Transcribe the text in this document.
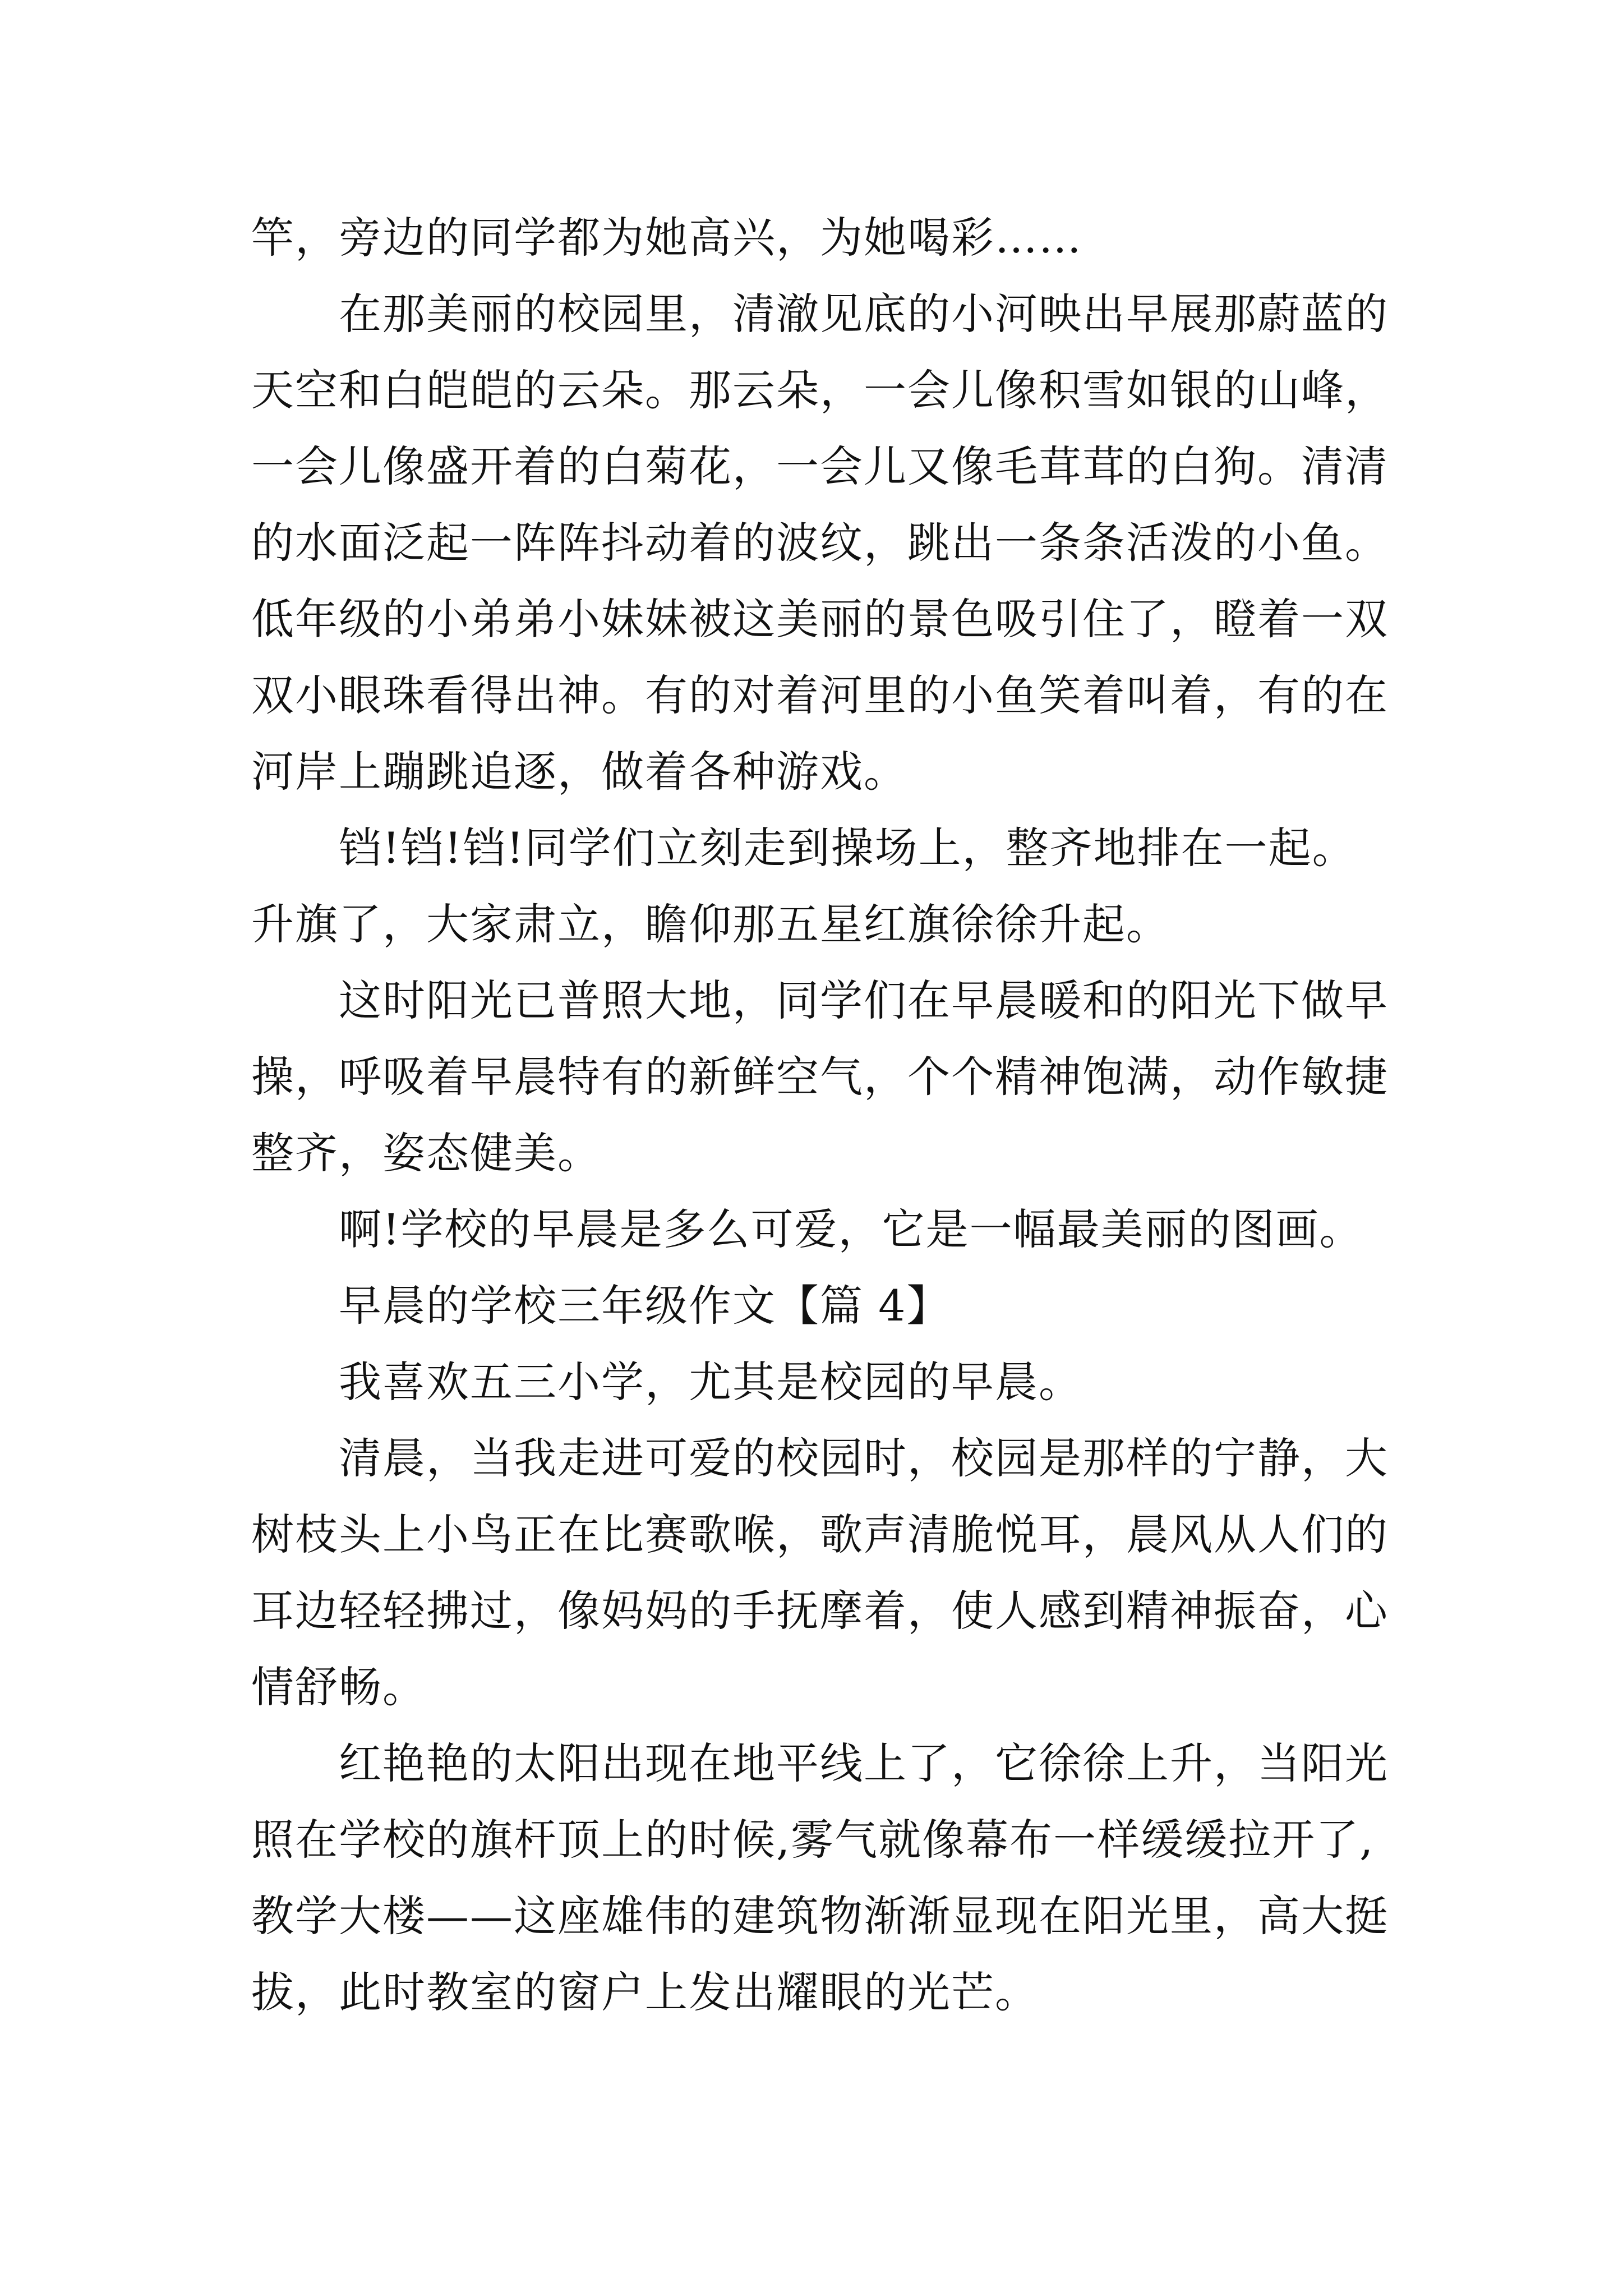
竿，旁边的同学都为她高兴，为她喝彩……
在那美丽的校园里，清澈见底的小河映出早展那蔚蓝的
天空和白皑皑的云朵。那云朵，一会儿像积雪如银的山峰，
一会儿像盛开着的白菊花，一会儿又像毛茸茸的白狗。清清
的水面泛起一阵阵抖动着的波纹，跳出一条条活泼的小鱼。
低年级的小弟弟小妹妹被这美丽的景色吸引住了，瞪着一双
双小眼珠看得出神。有的对着河里的小鱼笑着叫着，有的在
河岸上蹦跳追逐，做着各种游戏。
铛!铛!铛!同学们立刻走到操场上，整齐地排在一起。
升旗了，大家肃立，瞻仰那五星红旗徐徐升起。
这时阳光已普照大地，同学们在早晨暖和的阳光下做早
操，呼吸着早晨特有的新鲜空气，个个精神饱满，动作敏捷
整齐，姿态健美。
啊!学校的早晨是多么可爱，它是一幅最美丽的图画。
早晨的学校三年级作文【篇 4】
我喜欢五三小学，尤其是校园的早晨。
清晨，当我走进可爱的校园时，校园是那样的宁静，大
树枝头上小鸟正在比赛歌喉，歌声清脆悦耳，晨风从人们的
耳边轻轻拂过，像妈妈的手抚摩着，使人感到精神振奋，心
情舒畅。
红艳艳的太阳出现在地平线上了，它徐徐上升，当阳光
照在学校的旗杆顶上的时候,雾气就像幕布一样缓缓拉开了,
教学大楼——这座雄伟的建筑物渐渐显现在阳光里，高大挺
拔，此时教室的窗户上发出耀眼的光芒。
